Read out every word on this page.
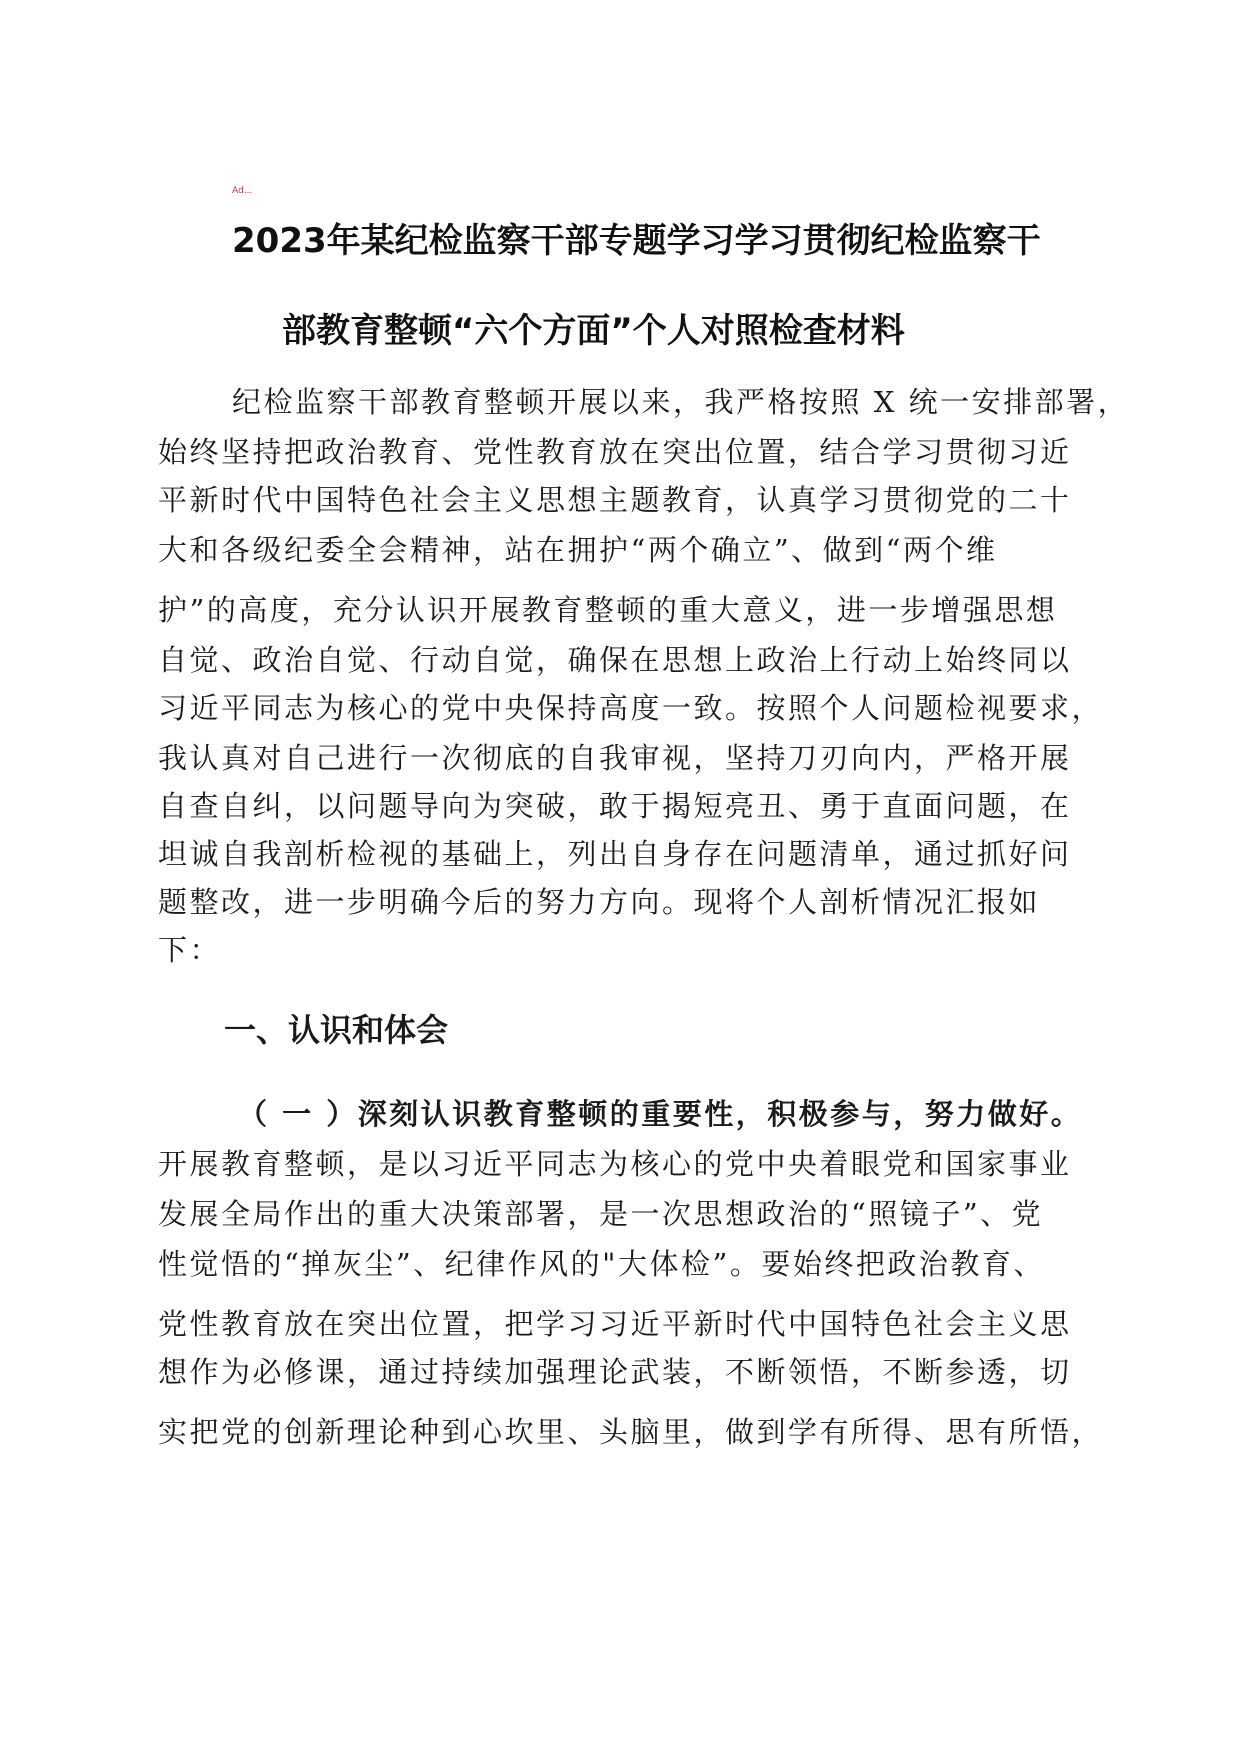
Ad...
2023年某纪检监察干部专题学习学习贯彻纪检监察干
部教育整顿“六个方面”个人对照检查材料
纪检监察干部教育整顿开展以来，我严格按照 X 统一安排部署，
始终坚持把政治教育、党性教育放在突出位置，结合学习贯彻习近
平新时代中国特色社会主义思想主题教育，认真学习贯彻党的二十
大和各级纪委全会精神，站在拥护“两个确立”、做到“两个维
护”的高度，充分认识开展教育整顿的重大意义，进一步增强思想
自觉、政治自觉、行动自觉，确保在思想上政治上行动上始终同以
习近平同志为核心的党中央保持高度一致。按照个人问题检视要求，
我认真对自己进行一次彻底的自我审视，坚持刀刃向内，严格开展
自查自纠，以问题导向为突破，敢于揭短亮丑、勇于直面问题，在
坦诚自我剖析检视的基础上，列出自身存在问题清单，通过抓好问
题整改，进一步明确今后的努力方向。现将个人剖析情况汇报如
下：
一、认识和体会
（ 一 ）深刻认识教育整顿的重要性，积极参与，努力做好。
开展教育整顿，是以习近平同志为核心的党中央着眼党和国家事业
发展全局作出的重大决策部署，是一次思想政治的“照镜子”、党
性觉悟的“掸灰尘”、纪律作风的"大体检”。要始终把政治教育、
党性教育放在突出位置，把学习习近平新时代中国特色社会主义思
想作为必修课，通过持续加强理论武装，不断领悟，不断参透，切
实把党的创新理论种到心坎里、头脑里，做到学有所得、思有所悟，
